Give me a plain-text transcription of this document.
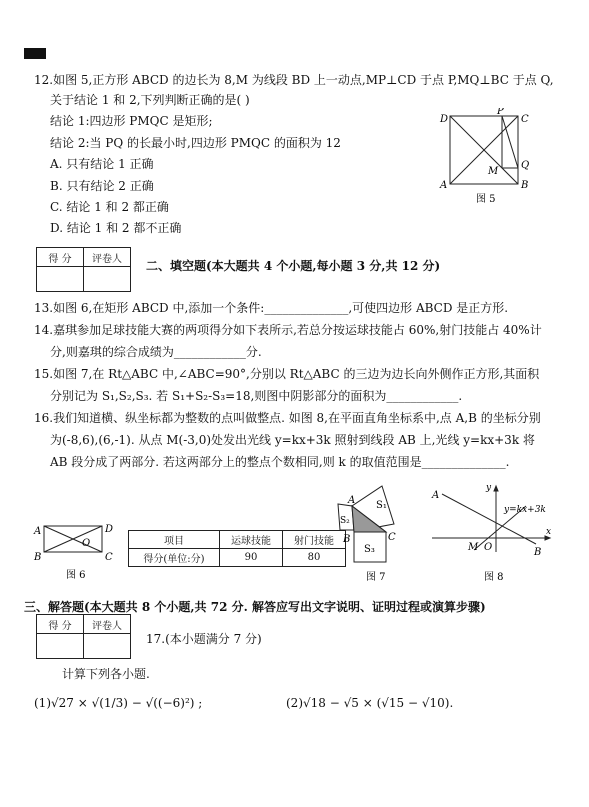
12.如图 5,正方形 ABCD 的边长为 8,M 为线段 BD 上一动点,MP⊥CD 于点 P,MQ⊥BC 于点 Q,
关于结论 1 和 2,下列判断正确的是( )
结论 1:四边形 PMQC 是矩形;
结论 2:当 PQ 的长最小时,四边形 PMQC 的面积为 12
A. 只有结论 1 正确
B. 只有结论 2 正确
C. 结论 1 和 2 都正确
D. 结论 1 和 2 都不正确
D
P
C
Q
M
A	B
图 5
得 分	评卷人
	二、填空题(本大题共 4 个小题,每小题 3 分,共 12 分)
13.如图 6,在矩形 ABCD 中,添加一个条件:______________,可使四边形 ABCD 是正方形.
14.嘉琪参加足球技能大赛的两项得分如下表所示,若总分按运球技能占 60%,射门技能占 40%计
分,则嘉琪的综合成绩为____________分.
15.如图 7,在 Rt△ABC 中,∠ABC=90°,分别以 Rt△ABC 的三边为边长向外侧作正方形,其面积
分别记为 S₁,S₂,S₃. 若 S₁+S₂-S₃=18,则图中阴影部分的面积为____________.
16.我们知道横、纵坐标都为整数的点叫做整点. 如图 8,在平面直角坐标系中,点 A,B 的坐标分别
为(-8,6),(6,-1). 从点 M(-3,0)处发出光线 y=kx+3k 照射到线段 AB 上,光线 y=kx+3k 将
AB 段分成了两部分. 若这两部分上的整点个数相同,则 k 的取值范围是______________.
A	D
B	C
O
图 6
项目	运球技能	射门技能
得分(单位:分)	90	80
A
B	C
S₁
S₂
S₃
图 7
A
B
M O
x
y
y=kx+3k
图 8
三、解答题(本大题共 8 个小题,共 72 分. 解答应写出文字说明、证明过程或演算步骤)
得 分	评卷人

17.(本小题满分 7 分)
计算下列各小题.
(1)√27 × √(1/3) − √((−6)²) ;	(2)√18 − √5 × (√15 − √10).
